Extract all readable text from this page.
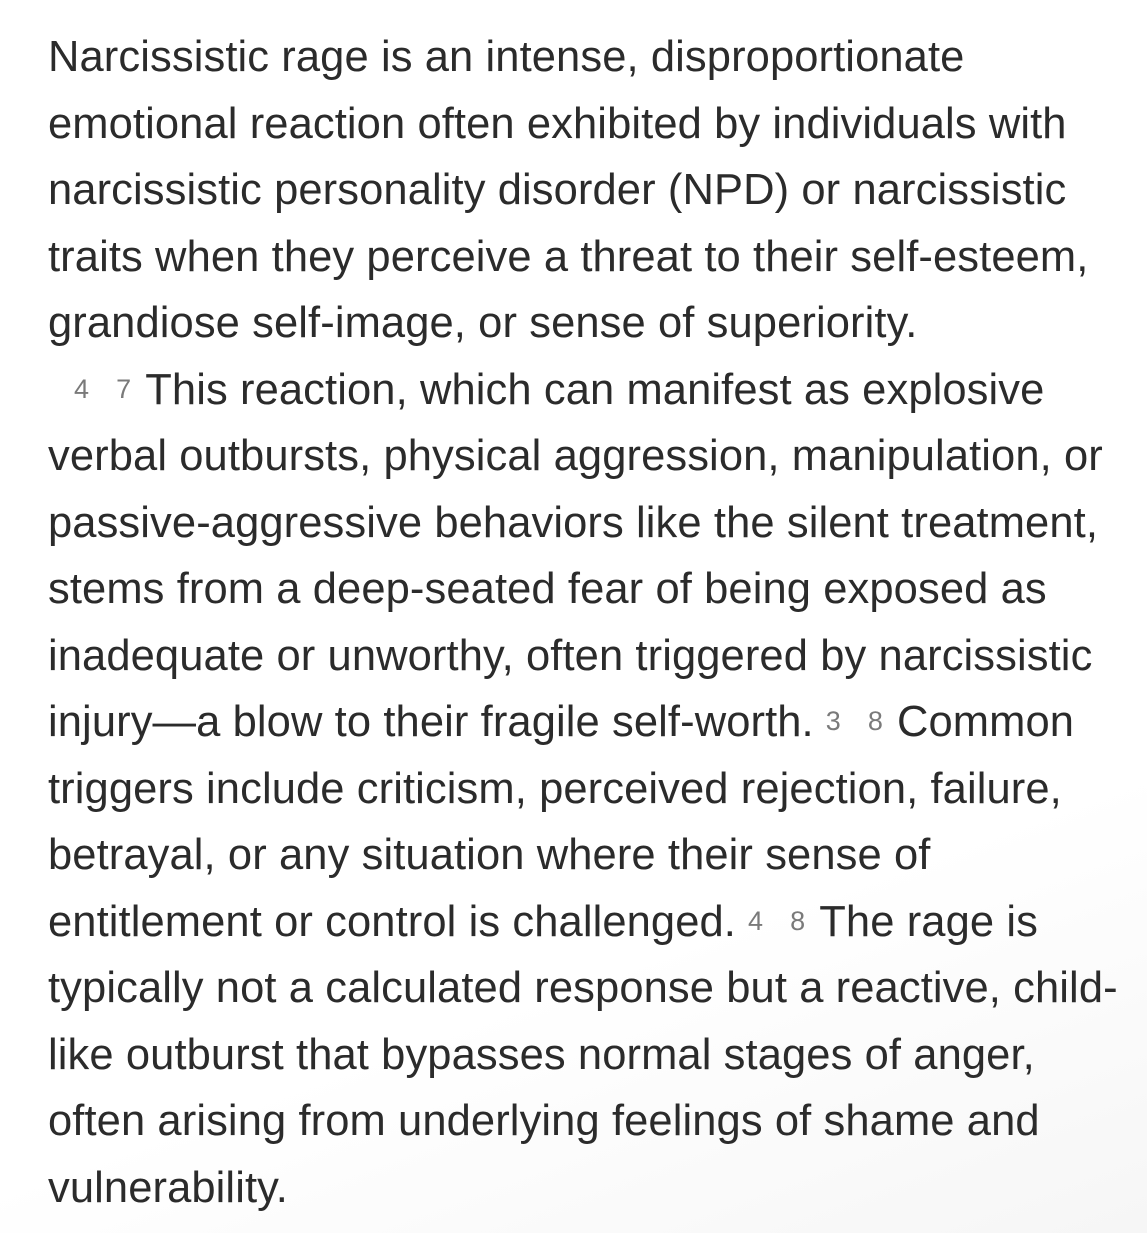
Narcissistic rage is an intense, disproportionate emotional reaction often exhibited by individuals with narcissistic personality disorder (NPD) or narcissistic traits when they perceive a threat to their self-esteem, grandiose self-image, or sense of superiority.
4 7 This reaction, which can manifest as explosive verbal outbursts, physical aggression, manipulation, or passive-aggressive behaviors like the silent treatment, stems from a deep-seated fear of being exposed as inadequate or unworthy, often triggered by narcissistic injury—a blow to their fragile self-worth. 3 8 Common triggers include criticism, perceived rejection, failure, betrayal, or any situation where their sense of entitlement or control is challenged. 4 8 The rage is typically not a calculated response but a reactive, child-like outburst that bypasses normal stages of anger, often arising from underlying feelings of shame and vulnerability.
